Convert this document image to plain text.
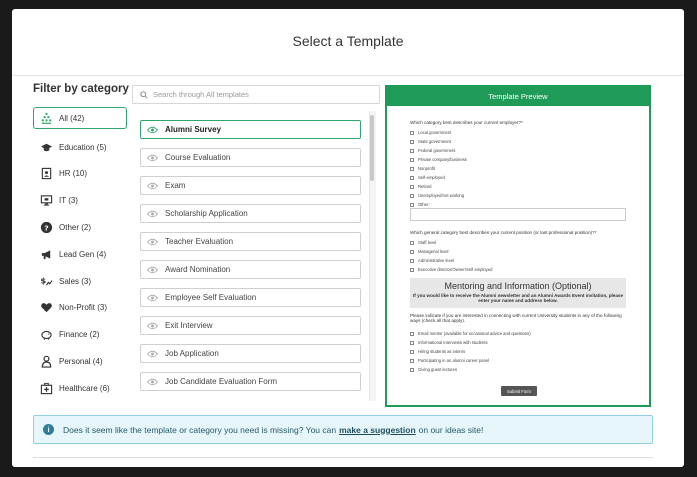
Select a Template
Filter by category
All (42)
Education (5)
HR (10)
IT (3)
? Other (2)
Lead Gen (4)
$ Sales (3)
Non-Profit (3)
Finance (2)
Personal (4)
Healthcare (6)
Search through All templates
Alumni Survey
Course Evaluation
Exam
Scholarship Application
Teacher Evaluation
Award Nomination
Employee Self Evaluation
Exit Interview
Job Application
Job Candidate Evaluation Form
Template Preview
Which category best describes your current employer?*
Local government
State government
Federal government
Private company/business
Nonprofit
Self-employed
Retired
Unemployed/not working
Other:
Which general category best describes your current position (or last professional position)?*
Staff level
Managerial level
Administrative level
Executive director/Owner/Self employed
Mentoring and Information (Optional)
If you would like to receive the Alumni newsletter and an Alumni Awards Event invitation, please enter your name and address below.
Please indicate if you are interested in connecting with current University students in any of the following ways (check all that apply).
Email mentor (available for occasional advice and questions)
Informational interviews with students
Hiring students as interns
Participating in an alumni career panel
Giving guest lectures
Submit Form
i	Does it seem like the template or category you need is missing? You can make a suggestion on our ideas site!
